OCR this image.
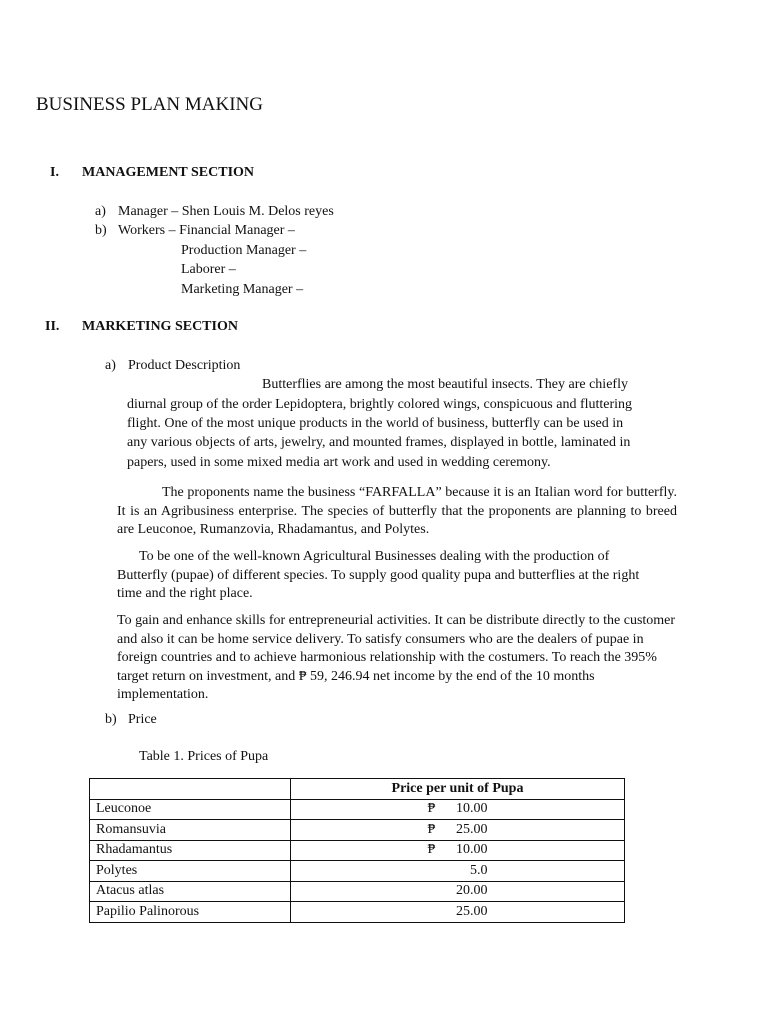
BUSINESS PLAN MAKING
I. MANAGEMENT SECTION
a) Manager – Shen Louis M. Delos reyes
b) Workers – Financial Manager –
Production Manager –
Laborer –
Marketing Manager –
II. MARKETING SECTION
a) Product Description
Butterflies are among the most beautiful insects. They are chiefly
diurnal group of the order Lepidoptera, brightly colored wings, conspicuous and fluttering
flight. One of the most unique products in the world of business, butterfly can be used in
any various objects of arts, jewelry, and mounted frames, displayed in bottle, laminated in
papers, used in some mixed media art work and used in wedding ceremony.
The proponents name the business “FARFALLA” because it is an Italian word for butterfly. It is an Agribusiness enterprise. The species of butterfly that the proponents are planning to breed are Leuconoe, Rumanzovia, Rhadamantus, and Polytes.
To be one of the well-known Agricultural Businesses dealing with the production of Butterfly (pupae) of different species. To supply good quality pupa and butterflies at the right time and the right place.
To gain and enhance skills for entrepreneurial activities. It can be distribute directly to the customer and also it can be home service delivery. To satisfy consumers who are the dealers of pupae in foreign countries and to achieve harmonious relationship with the costumers. To reach the 395% target return on investment, and ₱ 59, 246.94 net income by the end of the 10 months implementation.
b) Price
Table 1. Prices of Pupa
	Price per unit of Pupa
Leuconoe	₱ 10.00
Romansuvia	₱ 25.00
Rhadamantus	₱ 10.00
Polytes	5.0
Atacus atlas	20.00
Papilio Palinorous	25.00
